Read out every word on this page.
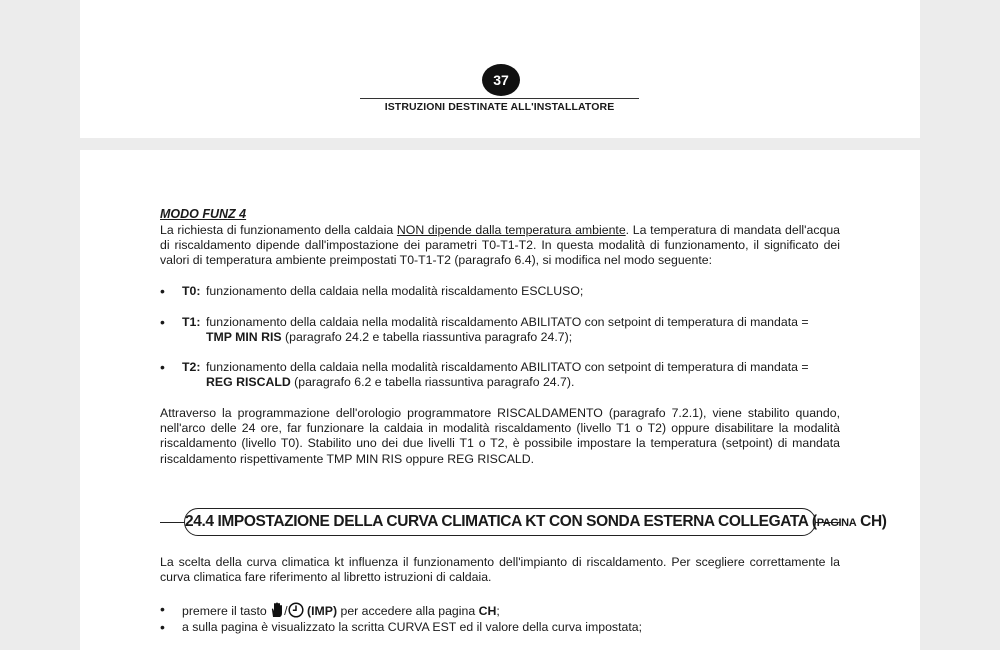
37
ISTRUZIONI DESTINATE ALL'INSTALLATORE
MODO FUNZ 4
La richiesta di funzionamento della caldaia NON dipende dalla temperatura ambiente. La temperatura di mandata dell'acqua di riscaldamento dipende dall'impostazione dei parametri T0-T1-T2. In questa modalità di funzionamento, il significato dei valori di temperatura ambiente preimpostati T0-T1-T2 (paragrafo 6.4), si modifica nel modo seguente:
• T0: funzionamento della caldaia nella modalità riscaldamento ESCLUSO;
• T1: funzionamento della caldaia nella modalità riscaldamento ABILITATO con setpoint di temperatura di mandata =
TMP MIN RIS (paragrafo 24.2 e tabella riassuntiva paragrafo 24.7);
• T2: funzionamento della caldaia nella modalità riscaldamento ABILITATO con setpoint di temperatura di mandata =
REG RISCALD (paragrafo 6.2 e tabella riassuntiva paragrafo 24.7).
Attraverso la programmazione dell'orologio programmatore RISCALDAMENTO (paragrafo 7.2.1), viene stabilito quando, nell'arco delle 24 ore, far funzionare la caldaia in modalità riscaldamento (livello T1 o T2) oppure disabilitare la modalità riscaldamento (livello T0). Stabilito uno dei due livelli T1 o T2, è possibile impostare la temperatura (setpoint) di mandata riscaldamento rispettivamente TMP MIN RIS oppure REG RISCALD.
24.4 IMPOSTAZIONE DELLA CURVA CLIMATICA KT CON SONDA ESTERNA COLLEGATA (PAGINA CH)
La scelta della curva climatica kt influenza il funzionamento dell'impianto di riscaldamento. Per scegliere correttamente la curva climatica fare riferimento al libretto istruzioni di caldaia.
• premere il tasto / (IMP) per accedere alla pagina CH;
• a sulla pagina è visualizzato la scritta CURVA EST ed il valore della curva impostata;
